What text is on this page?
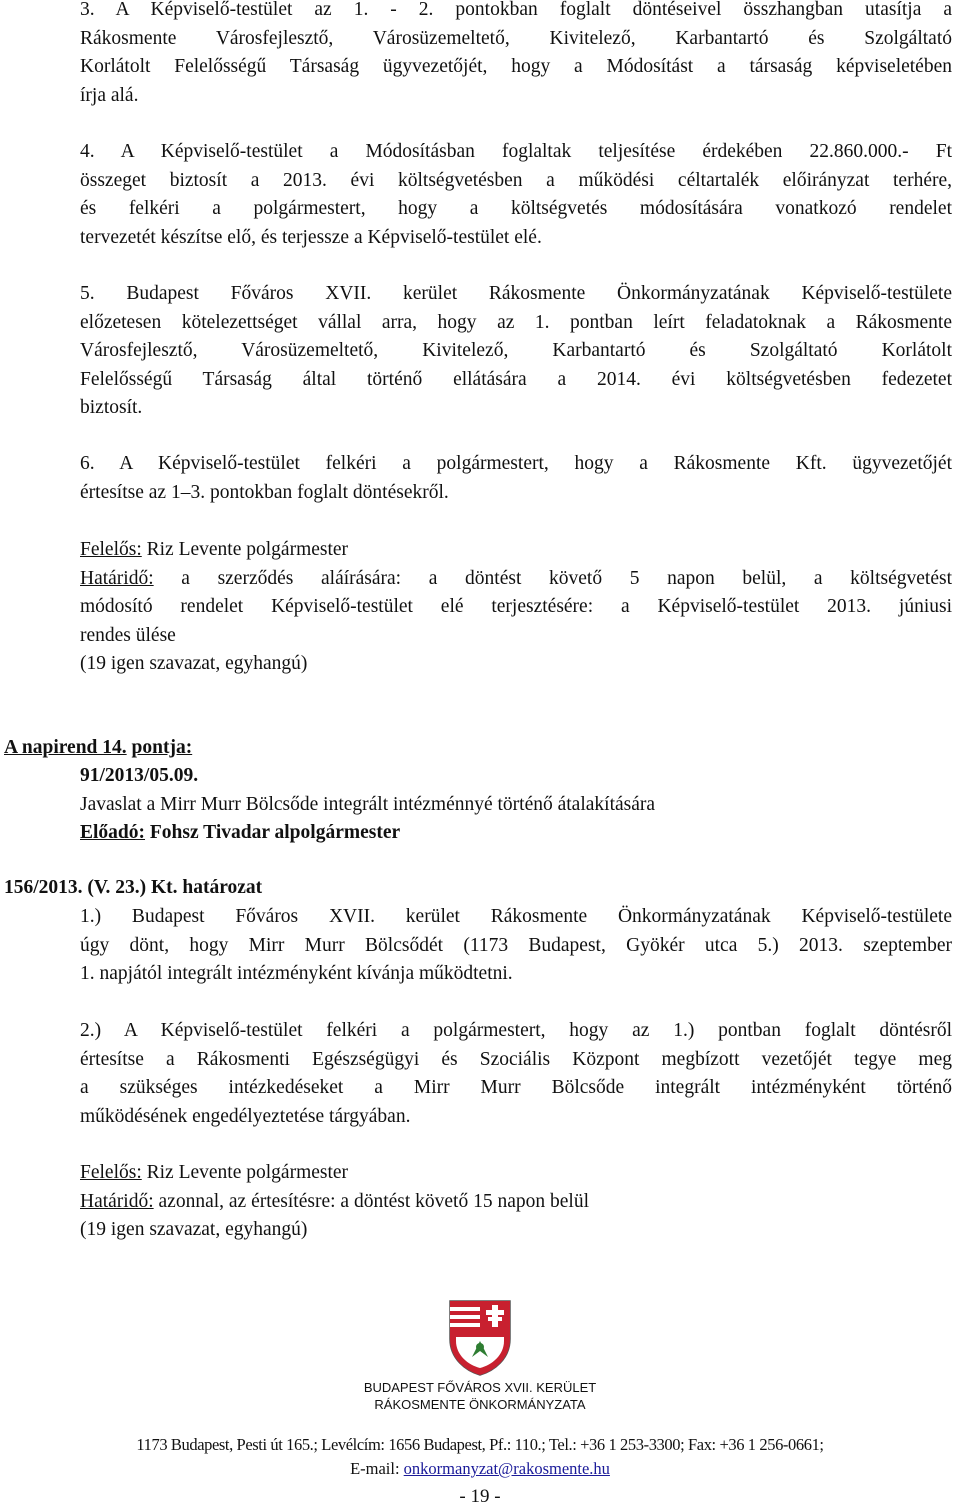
3. A Képviselő-testület az 1. - 2. pontokban foglalt döntéseivel összhangban utasítja a
Rákosmente Városfejlesztő, Városüzemeltető, Kivitelező, Karbantartó és Szolgáltató
Korlátolt Felelősségű Társaság ügyvezetőjét, hogy a Módosítást a társaság képviseletében
írja alá.

4. A Képviselő-testület a Módosításban foglaltak teljesítése érdekében 22.860.000.- Ft
összeget biztosít a 2013. évi költségvetésben a működési céltartalék előirányzat terhére,
és felkéri a polgármestert, hogy a költségvetés módosítására vonatkozó rendelet
tervezetét készítse elő, és terjessze a Képviselő-testület elé.

5. Budapest Főváros XVII. kerület Rákosmente Önkormányzatának Képviselő-testülete
előzetesen kötelezettséget vállal arra, hogy az 1. pontban leírt feladatoknak a Rákosmente
Városfejlesztő, Városüzemeltető, Kivitelező, Karbantartó és Szolgáltató Korlátolt
Felelősségű Társaság által történő ellátására a 2014. évi költségvetésben fedezetet
biztosít.

6. A Képviselő-testület felkéri a polgármestert, hogy a Rákosmente Kft. ügyvezetőjét
értesítse az 1–3. pontokban foglalt döntésekről.

Felelős: Riz Levente polgármester
Határidő: a szerződés aláírására: a döntést követő 5 napon belül, a költségvetést
módosító rendelet Képviselő-testület elé terjesztésére: a Képviselő-testület 2013. júniusi
rendes ülése
(19 igen szavazat, egyhangú)

A napirend 14. pontja:

91/2013/05.09.
Javaslat a Mirr Murr Bölcsőde integrált intézménnyé történő átalakítására
Előadó: Fohsz Tivadar alpolgármester

156/2013. (V. 23.) Kt. határozat

1.) Budapest Főváros XVII. kerület Rákosmente Önkormányzatának Képviselő-testülete
úgy dönt, hogy Mirr Murr Bölcsődét (1173 Budapest, Gyökér utca 5.) 2013. szeptember
1. napjától integrált intézményként kívánja működtetni.

2.) A Képviselő-testület felkéri a polgármestert, hogy az 1.) pontban foglalt döntésről
értesítse a Rákosmenti Egészségügyi és Szociális Központ megbízott vezetőjét tegye meg
a szükséges intézkedéseket a Mirr Murr Bölcsőde integrált intézményként történő
működésének engedélyeztetése tárgyában.

Felelős: Riz Levente polgármester
Határidő: azonnal, az értesítésre: a döntést követő 15 napon belül
(19 igen szavazat, egyhangú)

BUDAPEST FŐVÁROS XVII. KERÜLET
RÁKOSMENTE ÖNKORMÁNYZATA
1173 Budapest, Pesti út 165.; Levélcím: 1656 Budapest, Pf.: 110.; Tel.: +36 1 253-3300; Fax: +36 1 256-0661;
E-mail: onkormanyzat@rakosmente.hu
- 19 -
